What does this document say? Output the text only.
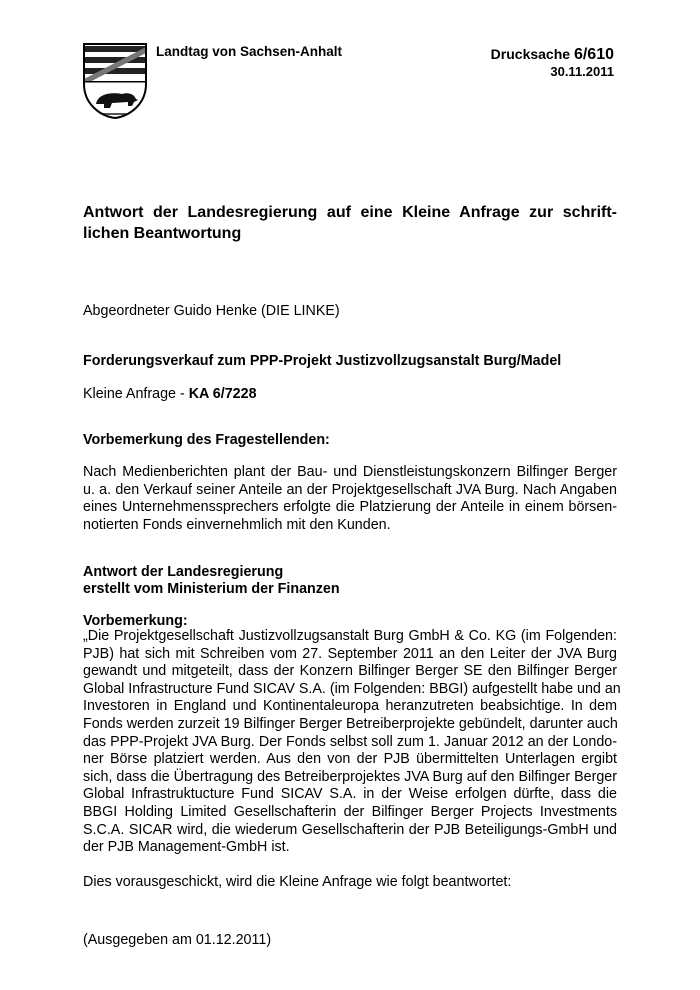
Landtag von Sachsen-Anhalt	Drucksache 6/610
30.11.2011
Antwort der Landesregierung auf eine Kleine Anfrage zur schrift-
lichen Beantwortung
Abgeordneter Guido Henke (DIE LINKE)
Forderungsverkauf zum PPP-Projekt Justizvollzugsanstalt Burg/Madel
Kleine Anfrage - KA 6/7228
Vorbemerkung des Fragestellenden:
Nach Medienberichten plant der Bau- und Dienstleistungskonzern Bilfinger Berger
u. a. den Verkauf seiner Anteile an der Projektgesellschaft JVA Burg. Nach Angaben
eines Unternehmenssprechers erfolgte die Platzierung der Anteile in einem börsen-
notierten Fonds einvernehmlich mit den Kunden.
Antwort der Landesregierung
erstellt vom Ministerium der Finanzen
Vorbemerkung:
„Die Projektgesellschaft Justizvollzugsanstalt Burg GmbH & Co. KG (im Folgenden:
PJB) hat sich mit Schreiben vom 27. September 2011 an den Leiter der JVA Burg
gewandt und mitgeteilt, dass der Konzern Bilfinger Berger SE den Bilfinger Berger
Global Infrastructure Fund SICAV S.A. (im Folgenden: BBGI) aufgestellt habe und an
Investoren in England und Kontinentaleuropa heranzutreten beabsichtige. In dem
Fonds werden zurzeit 19 Bilfinger Berger Betreiberprojekte gebündelt, darunter auch
das PPP-Projekt JVA Burg. Der Fonds selbst soll zum 1. Januar 2012 an der Londo-
ner Börse platziert werden. Aus den von der PJB übermittelten Unterlagen ergibt
sich, dass die Übertragung des Betreiberprojektes JVA Burg auf den Bilfinger Berger
Global Infrastruktucture Fund SICAV S.A. in der Weise erfolgen dürfte, dass die
BBGI Holding Limited Gesellschafterin der Bilfinger Berger Projects Investments
S.C.A. SICAR wird, die wiederum Gesellschafterin der PJB Beteiligungs-GmbH und
der PJB Management-GmbH ist.
Dies vorausgeschickt, wird die Kleine Anfrage wie folgt beantwortet:
(Ausgegeben am 01.12.2011)
